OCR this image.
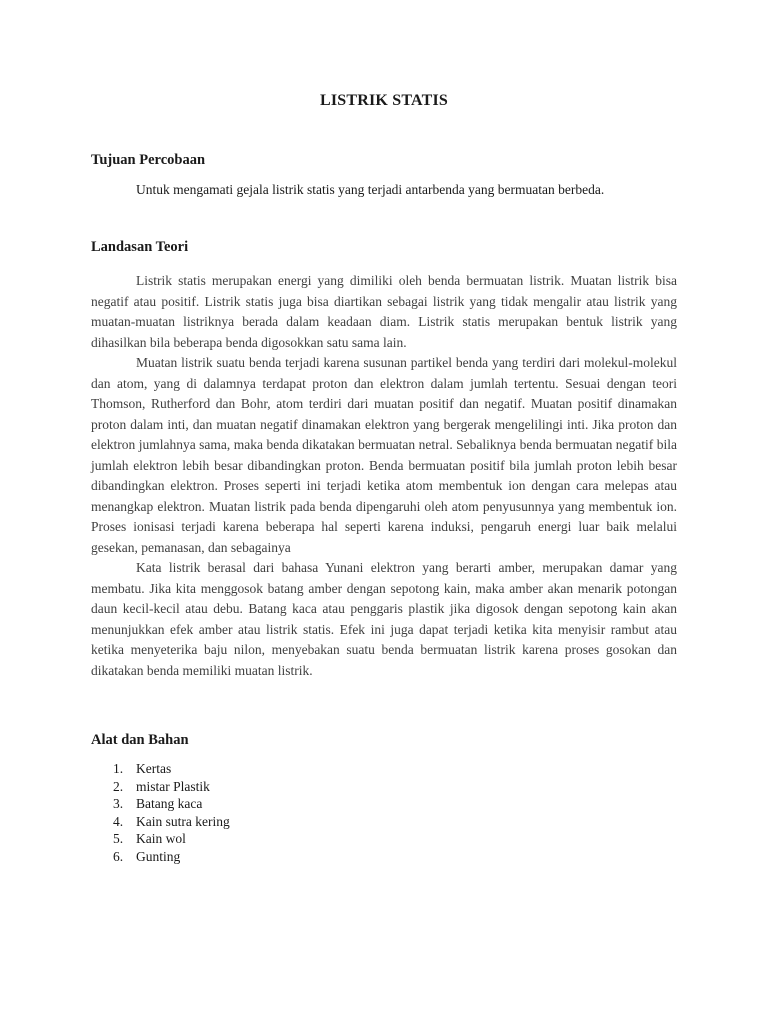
LISTRIK STATIS
Tujuan Percobaan
Untuk mengamati gejala listrik statis yang terjadi antarbenda yang bermuatan berbeda.
Landasan Teori

Listrik statis merupakan energi yang dimiliki oleh benda bermuatan listrik. Muatan listrik bisa negatif atau positif. Listrik statis juga bisa diartikan sebagai listrik yang tidak mengalir atau listrik yang muatan-muatan listriknya berada dalam keadaan diam. Listrik statis merupakan bentuk listrik yang dihasilkan bila beberapa benda digosokkan satu sama lain.

Muatan listrik suatu benda terjadi karena susunan partikel benda yang terdiri dari molekul-molekul dan atom, yang di dalamnya terdapat proton dan elektron dalam jumlah tertentu. Sesuai dengan teori Thomson, Rutherford dan Bohr, atom terdiri dari muatan positif dan negatif. Muatan positif dinamakan proton dalam inti, dan muatan negatif dinamakan elektron yang bergerak mengelilingi inti. Jika proton dan elektron jumlahnya sama, maka benda dikatakan bermuatan netral. Sebaliknya benda bermuatan negatif bila jumlah elektron lebih besar dibandingkan proton. Benda bermuatan positif bila jumlah proton lebih besar dibandingkan elektron. Proses seperti ini terjadi ketika atom membentuk ion dengan cara melepas atau menangkap elektron. Muatan listrik pada benda dipengaruhi oleh atom penyusunnya yang membentuk ion. Proses ionisasi terjadi karena beberapa hal seperti karena induksi, pengaruh energi luar baik melalui gesekan, pemanasan, dan sebagainya

Kata listrik berasal dari bahasa Yunani elektron yang berarti amber, merupakan damar yang membatu. Jika kita menggosok batang amber dengan sepotong kain, maka amber akan menarik potongan daun kecil-kecil atau debu. Batang kaca atau penggaris plastik jika digosok dengan sepotong kain akan menunjukkan efek amber atau listrik statis. Efek ini juga dapat terjadi ketika kita menyisir rambut atau ketika menyeterika baju nilon, menyebakan suatu benda bermuatan listrik karena proses gosokan dan dikatakan benda memiliki muatan listrik.

Alat dan Bahan
1. Kertas
2. mistar Plastik
3. Batang kaca
4. Kain sutra kering
5. Kain wol
6. Gunting
